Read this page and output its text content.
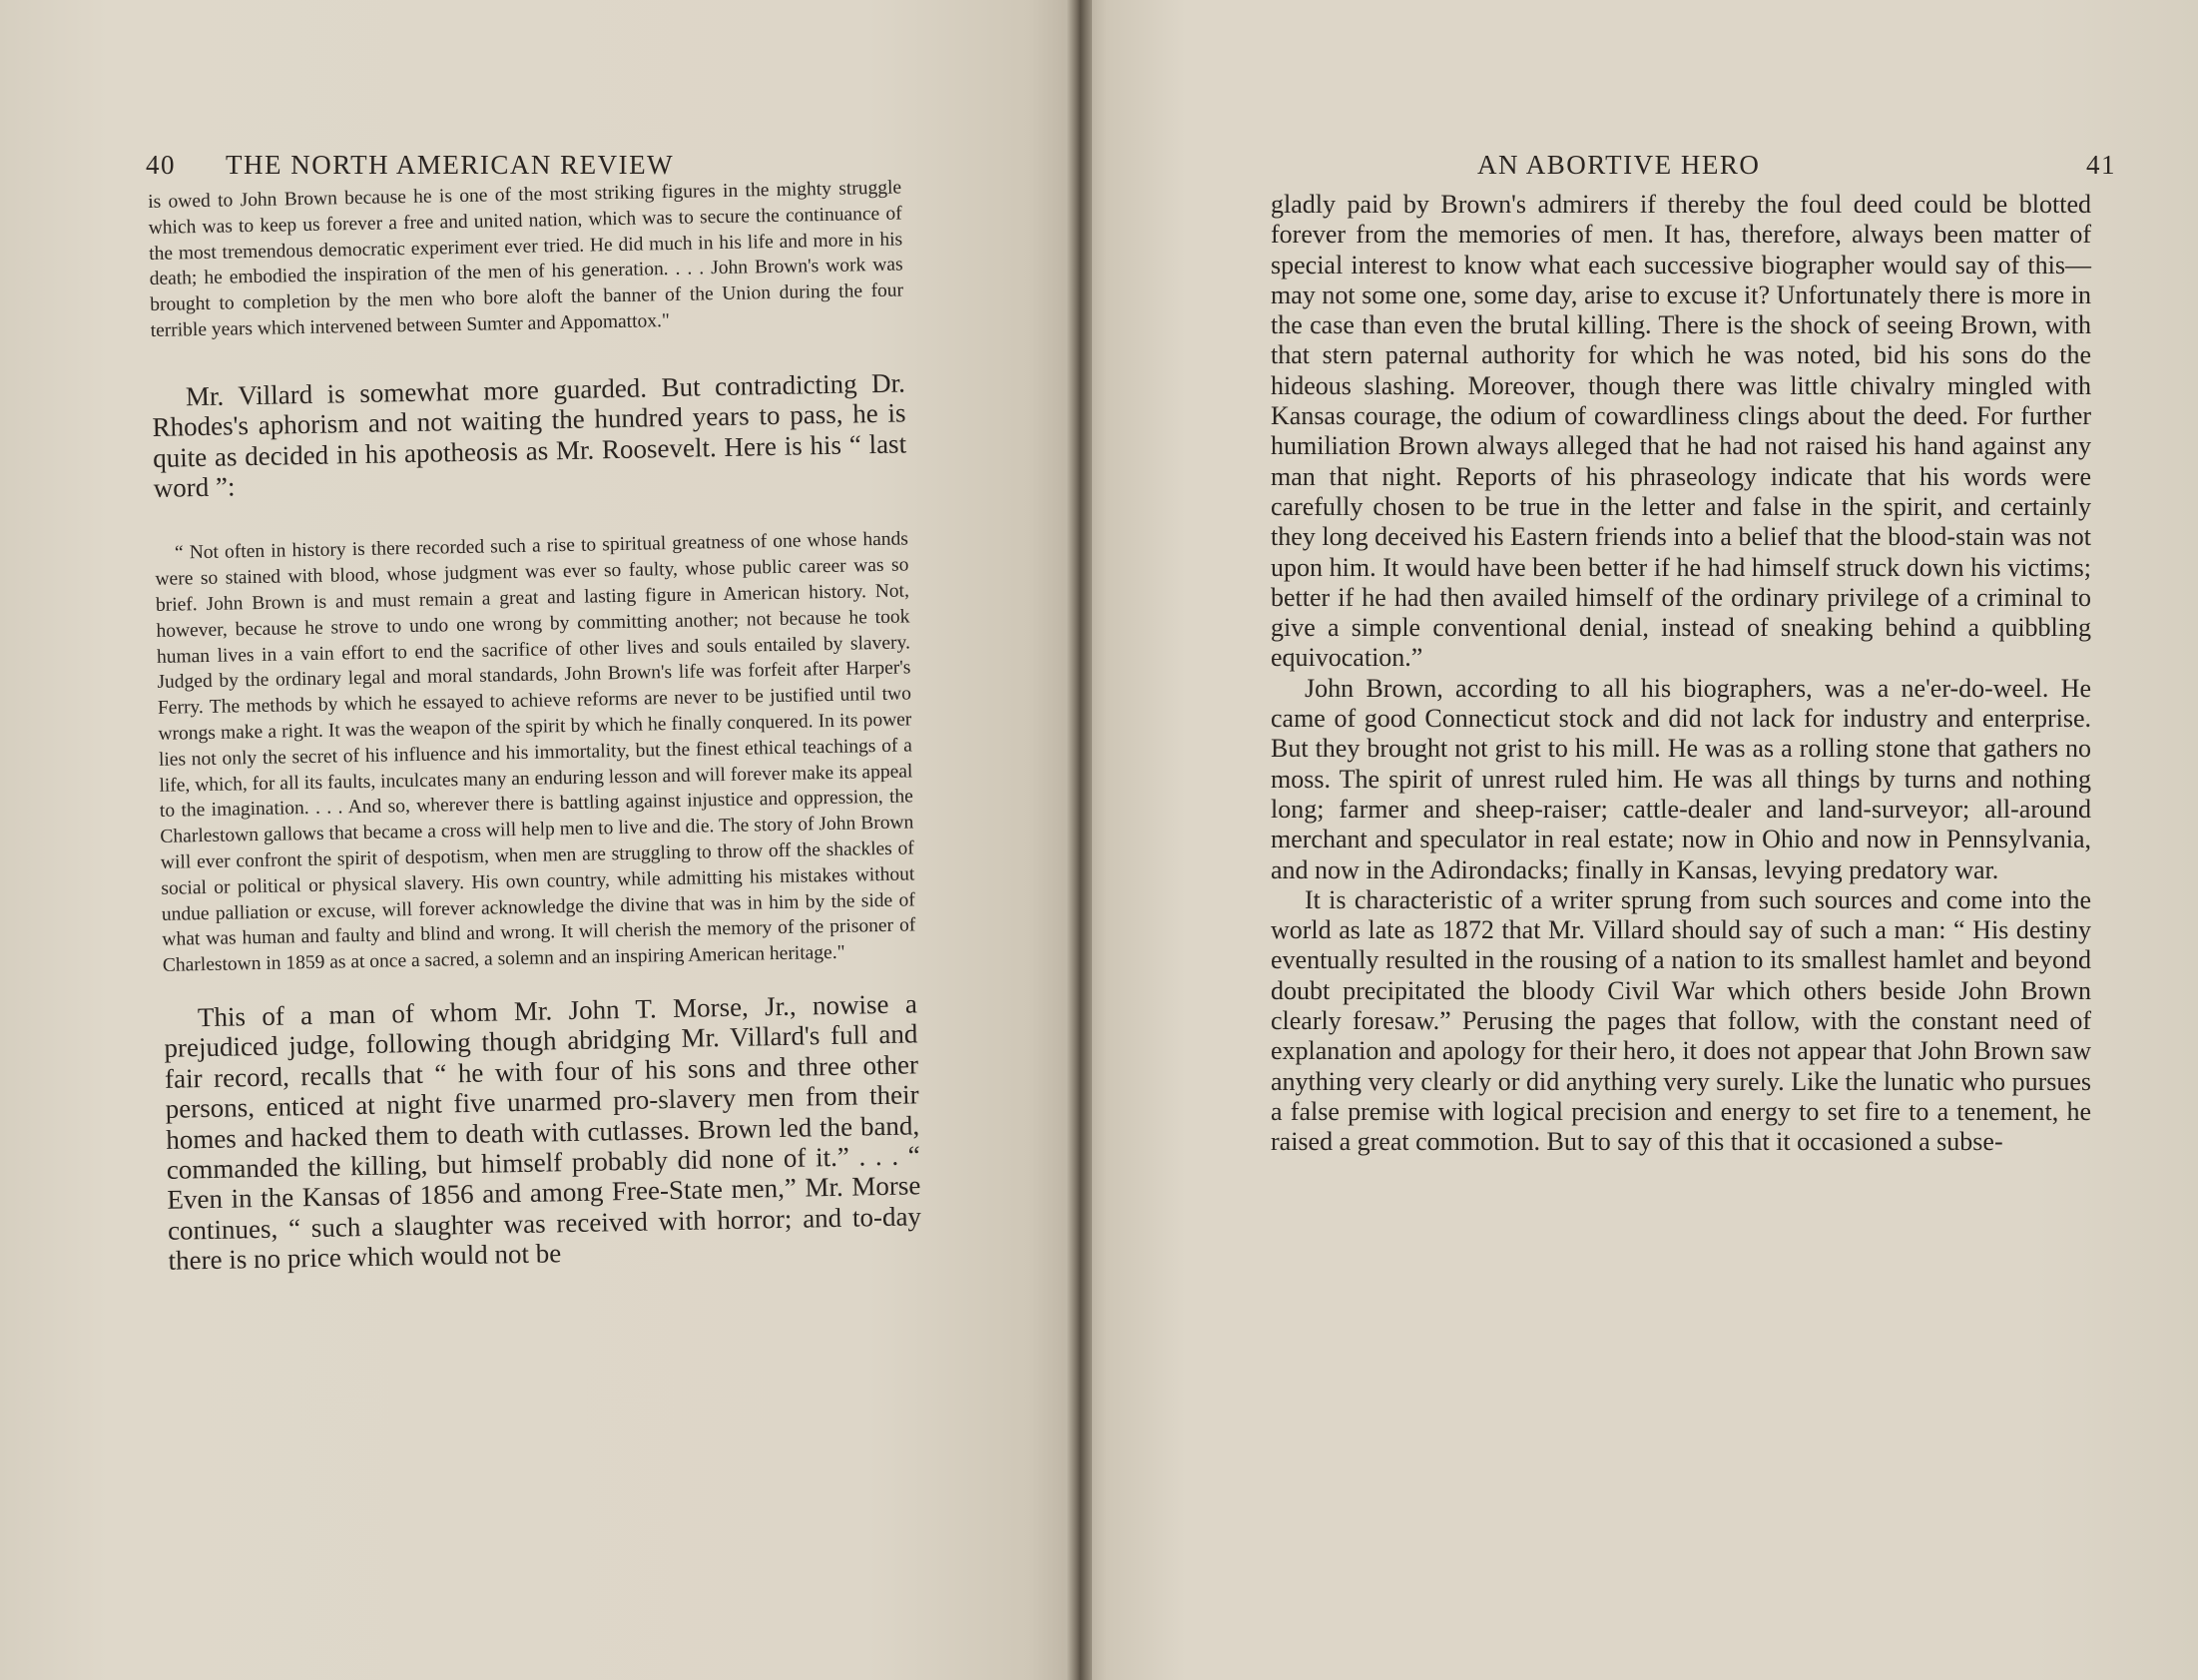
40 THE NORTH AMERICAN REVIEW

is owed to John Brown because he is one of the most striking figures in the mighty struggle which was to keep us forever a free and united nation, which was to secure the continuance of the most tremendous democratic experiment ever tried. He did much in his life and more in his death; he embodied the inspiration of the men of his generation. . . . John Brown's work was brought to completion by the men who bore aloft the banner of the Union during the four terrible years which intervened between Sumter and Appomattox."

Mr. Villard is somewhat more guarded. But contradicting Dr. Rhodes's aphorism and not waiting the hundred years to pass, he is quite as decided in his apotheosis as Mr. Roosevelt. Here is his “ last word ”:

“ Not often in history is there recorded such a rise to spiritual greatness of one whose hands were so stained with blood, whose judgment was ever so faulty, whose public career was so brief. John Brown is and must remain a great and lasting figure in American history. Not, however, because he strove to undo one wrong by committing another; not because he took human lives in a vain effort to end the sacrifice of other lives and souls entailed by slavery. Judged by the ordinary legal and moral standards, John Brown's life was forfeit after Harper's Ferry. The methods by which he essayed to achieve reforms are never to be justified until two wrongs make a right. It was the weapon of the spirit by which he finally conquered. In its power lies not only the secret of his influence and his immortality, but the finest ethical teachings of a life, which, for all its faults, inculcates many an enduring lesson and will forever make its appeal to the imagination. . . . And so, wherever there is battling against injustice and oppression, the Charlestown gallows that became a cross will help men to live and die. The story of John Brown will ever confront the spirit of despotism, when men are struggling to throw off the shackles of social or political or physical slavery. His own country, while admitting his mistakes without undue palliation or excuse, will forever acknowledge the divine that was in him by the side of what was human and faulty and blind and wrong. It will cherish the memory of the prisoner of Charlestown in 1859 as at once a sacred, a solemn and an inspiring American heritage."

This of a man of whom Mr. John T. Morse, Jr., nowise a prejudiced judge, following though abridging Mr. Villard's full and fair record, recalls that “ he with four of his sons and three other persons, enticed at night five unarmed pro-slavery men from their homes and hacked them to death with cutlasses. Brown led the band, commanded the killing, but himself probably did none of it.” . . . “ Even in the Kansas of 1856 and among Free-State men,” Mr. Morse continues, “ such a slaughter was received with horror; and to-day there is no price which would not be

AN ABORTIVE HERO	41

gladly paid by Brown's admirers if thereby the foul deed could be blotted forever from the memories of men. It has, therefore, always been matter of special interest to know what each successive biographer would say of this—may not some one, some day, arise to excuse it? Unfortunately there is more in the case than even the brutal killing. There is the shock of seeing Brown, with that stern paternal authority for which he was noted, bid his sons do the hideous slashing. Moreover, though there was little chivalry mingled with Kansas courage, the odium of cowardliness clings about the deed. For further humiliation Brown always alleged that he had not raised his hand against any man that night. Reports of his phraseology indicate that his words were carefully chosen to be true in the letter and false in the spirit, and certainly they long deceived his Eastern friends into a belief that the blood-stain was not upon him. It would have been better if he had himself struck down his victims; better if he had then availed himself of the ordinary privilege of a criminal to give a simple conventional denial, instead of sneaking behind a quibbling equivocation.”

John Brown, according to all his biographers, was a ne'er-do-weel. He came of good Connecticut stock and did not lack for industry and enterprise. But they brought not grist to his mill. He was as a rolling stone that gathers no moss. The spirit of unrest ruled him. He was all things by turns and nothing long; farmer and sheep-raiser; cattle-dealer and land-surveyor; all-around merchant and speculator in real estate; now in Ohio and now in Pennsylvania, and now in the Adirondacks; finally in Kansas, levying predatory war.

It is characteristic of a writer sprung from such sources and come into the world as late as 1872 that Mr. Villard should say of such a man: “ His destiny eventually resulted in the rousing of a nation to its smallest hamlet and beyond doubt precipitated the bloody Civil War which others beside John Brown clearly foresaw.” Perusing the pages that follow, with the constant need of explanation and apology for their hero, it does not appear that John Brown saw anything very clearly or did anything very surely. Like the lunatic who pursues a false premise with logical precision and energy to set fire to a tenement, he raised a great commotion. But to say of this that it occasioned a subse-
